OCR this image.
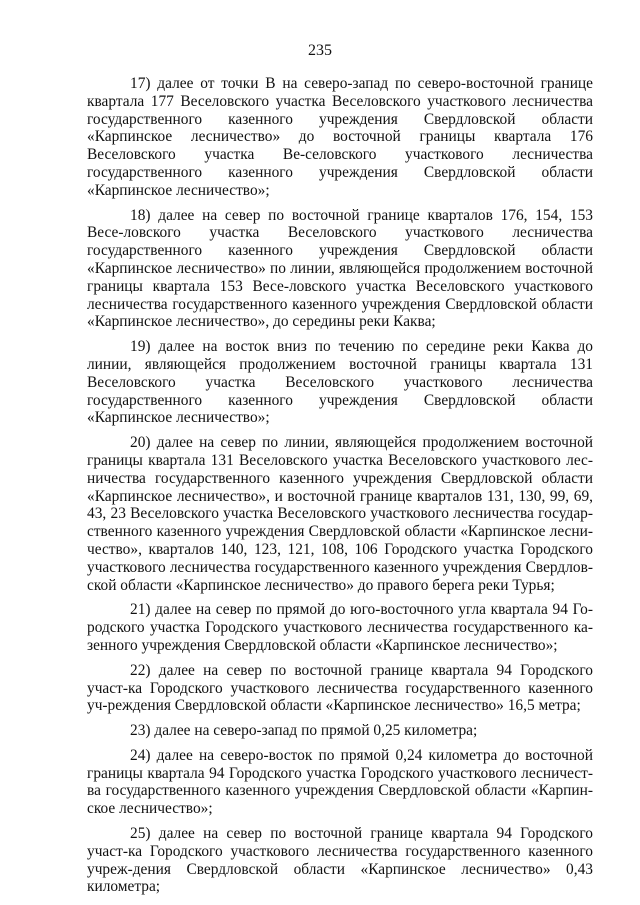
235

17) далее от точки В на северо-запад по северо-восточной границе квартала 177 Веселовского участка Веселовского участкового лесничества государственного казенного учреждения Свердловской области «Карпинское лесничество» до восточной границы квартала 176 Веселовского участка Ве-селовского участкового лесничества государственного казенного учреждения Свердловской области «Карпинское лесничество»;

18) далее на север по восточной границе кварталов 176, 154, 153 Весе-ловского участка Веселовского участкового лесничества государственного казенного учреждения Свердловской области «Карпинское лесничество» по линии, являющейся продолжением восточной границы квартала 153 Весе-ловского участка Веселовского участкового лесничества государственного казенного учреждения Свердловской области «Карпинское лесничество», до середины реки Каква;

19) далее на восток вниз по течению по середине реки Каква до линии, являющейся продолжением восточной границы квартала 131 Веселовского участка Веселовского участкового лесничества государственного казенного учреждения Свердловской области «Карпинское лесничество»;

20) далее на север по линии, являющейся продолжением восточной границы квартала 131 Веселовского участка Веселовского участкового лес-ничества государственного казенного учреждения Свердловской области «Карпинское лесничество», и восточной границе кварталов 131, 130, 99, 69, 43, 23 Веселовского участка Веселовского участкового лесничества государ-ственного казенного учреждения Свердловской области «Карпинское лесни-чество», кварталов 140, 123, 121, 108, 106 Городского участка Городского участкового лесничества государственного казенного учреждения Свердлов-ской области «Карпинское лесничество» до правого берега реки Турья;

21) далее на север по прямой до юго-восточного угла квартала 94 Го-родского участка Городского участкового лесничества государственного ка-зенного учреждения Свердловской области «Карпинское лесничество»;

22) далее на север по восточной границе квартала 94 Городского участ-ка Городского участкового лесничества государственного казенного уч-реждения Свердловской области «Карпинское лесничество» 16,5 метра;

23) далее на северо-запад по прямой 0,25 километра;

24) далее на северо-восток по прямой 0,24 километра до восточной границы квартала 94 Городского участка Городского участкового лесничест-ва государственного казенного учреждения Свердловской области «Карпин-ское лесничество»;

25) далее на север по восточной границе квартала 94 Городского участ-ка Городского участкового лесничества государственного казенного учреж-дения Свердловской области «Карпинское лесничество» 0,43 километра;
